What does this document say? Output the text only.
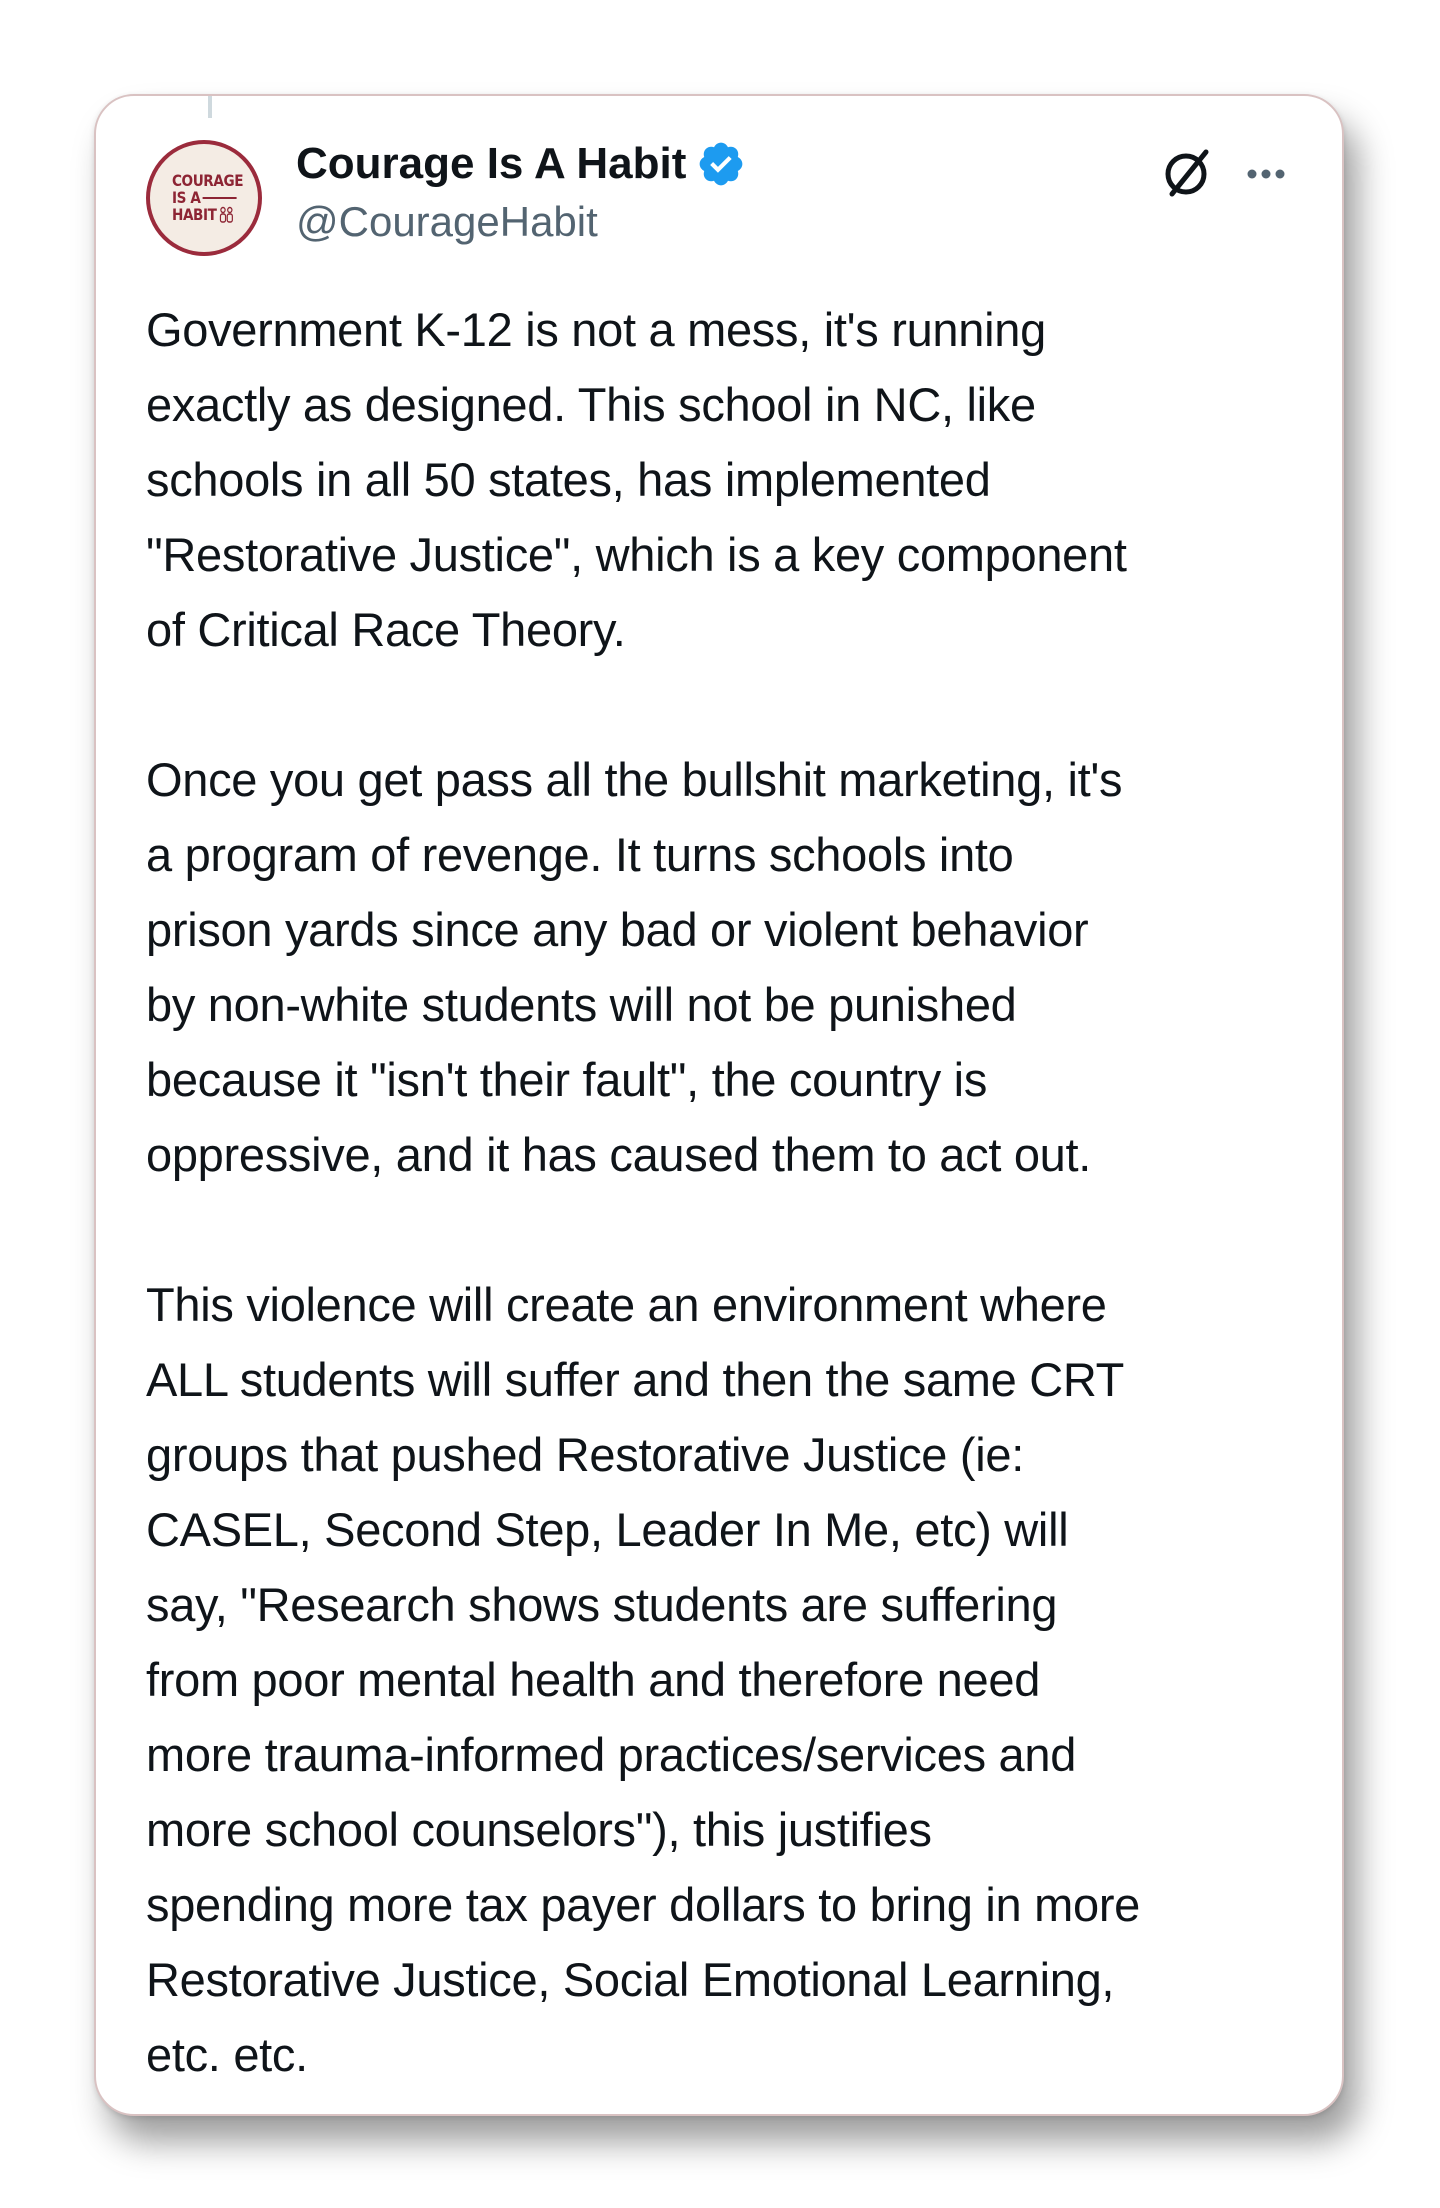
COURAGE
IS A
HABIT
Courage Is A Habit
@CourageHabit

Government K-12 is not a mess, it's running
exactly as designed. This school in NC, like
schools in all 50 states, has implemented
"Restorative Justice", which is a key component
of Critical Race Theory.

Once you get pass all the bullshit marketing, it's
a program of revenge. It turns schools into
prison yards since any bad or violent behavior
by non-white students will not be punished
because it "isn't their fault", the country is
oppressive, and it has caused them to act out.

This violence will create an environment where
ALL students will suffer and then the same CRT
groups that pushed Restorative Justice (ie:
CASEL, Second Step, Leader In Me, etc) will
say, "Research shows students are suffering
from poor mental health and therefore need
more trauma-informed practices/services and
more school counselors"), this justifies
spending more tax payer dollars to bring in more
Restorative Justice, Social Emotional Learning,
etc. etc.
